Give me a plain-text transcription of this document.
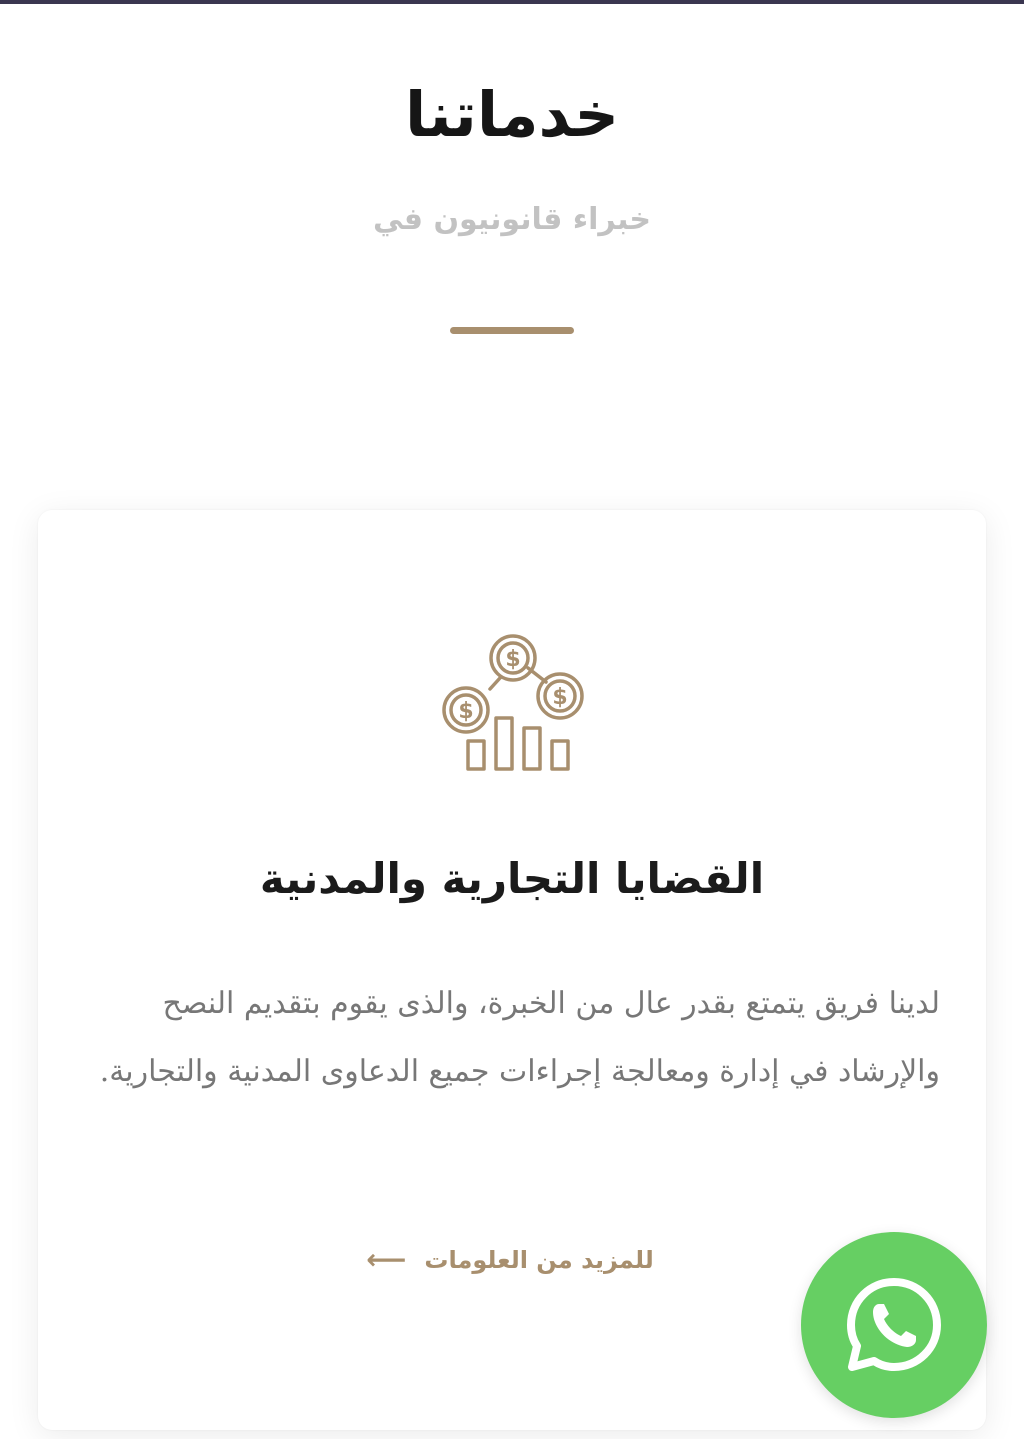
خدماتنا
خبراء قانونيون في
$
$
$
القضايا التجارية والمدنية

لدينا فريق يتمتع بقدر عال من الخبرة، والذى يقوم بتقديم النصح والإرشاد في إدارة ومعالجة إجراءات جميع الدعاوى المدنية والتجارية.

للمزيد من العلومات
⟵
